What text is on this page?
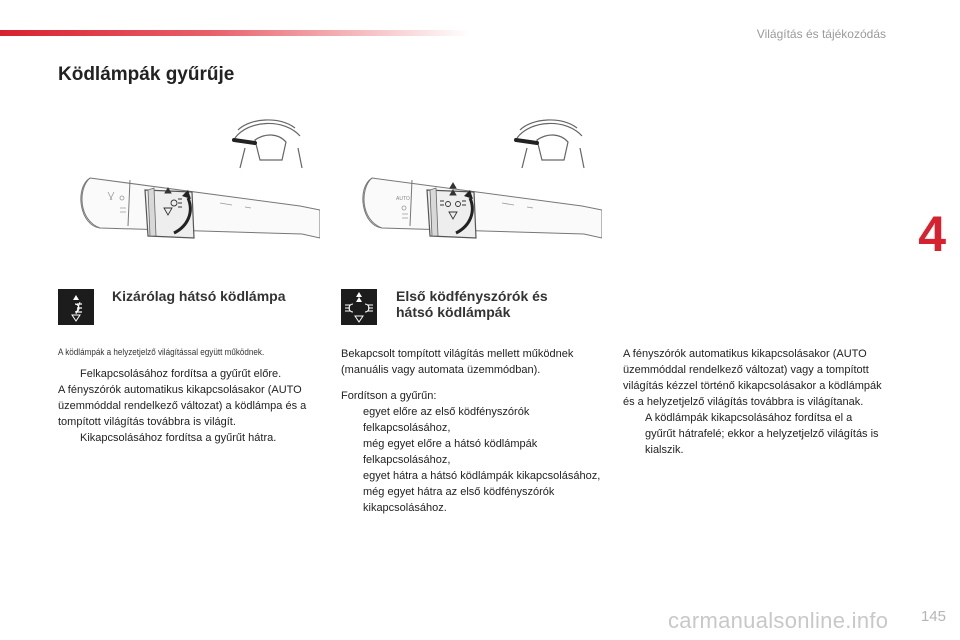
Világítás és tájékozódás
4
Ködlámpák gyűrűje
AUTO
Kizárólag hátsó ködlámpa
A ködlámpák a helyzetjelző világítással együtt működnek.
Felkapcsolásához fordítsa a gyűrűt előre.

A fényszórók automatikus kikapcsolásakor (AUTO üzemmóddal rendelkező változat) a ködlámpa és a tompított világítás továbbra is világít.

Kikapcsolásához fordítsa a gyűrűt hátra.
Első ködfényszórók és
hátsó ködlámpák

Bekapcsolt tompított világítás mellett működnek (manuális vagy automata üzemmódban).

Fordítson a gyűrűn:

egyet előre az első ködfényszórók felkapcsolásához,
még egyet előre a hátsó ködlámpák felkapcsolásához,
egyet hátra a hátsó ködlámpák kikapcsolásához,
még egyet hátra az első ködfényszórók kikapcsolásához.

A fényszórók automatikus kikapcsolásakor (AUTO üzemmóddal rendelkező változat) vagy a tompított világítás kézzel történő kikapcsolásakor a ködlámpák és a helyzetjelző világítás továbbra is világítanak.

A ködlámpák kikapcsolásához fordítsa el a gyűrűt hátrafelé; ekkor a helyzetjelző világítás is kialszik.
carmanualsonline.info 145
